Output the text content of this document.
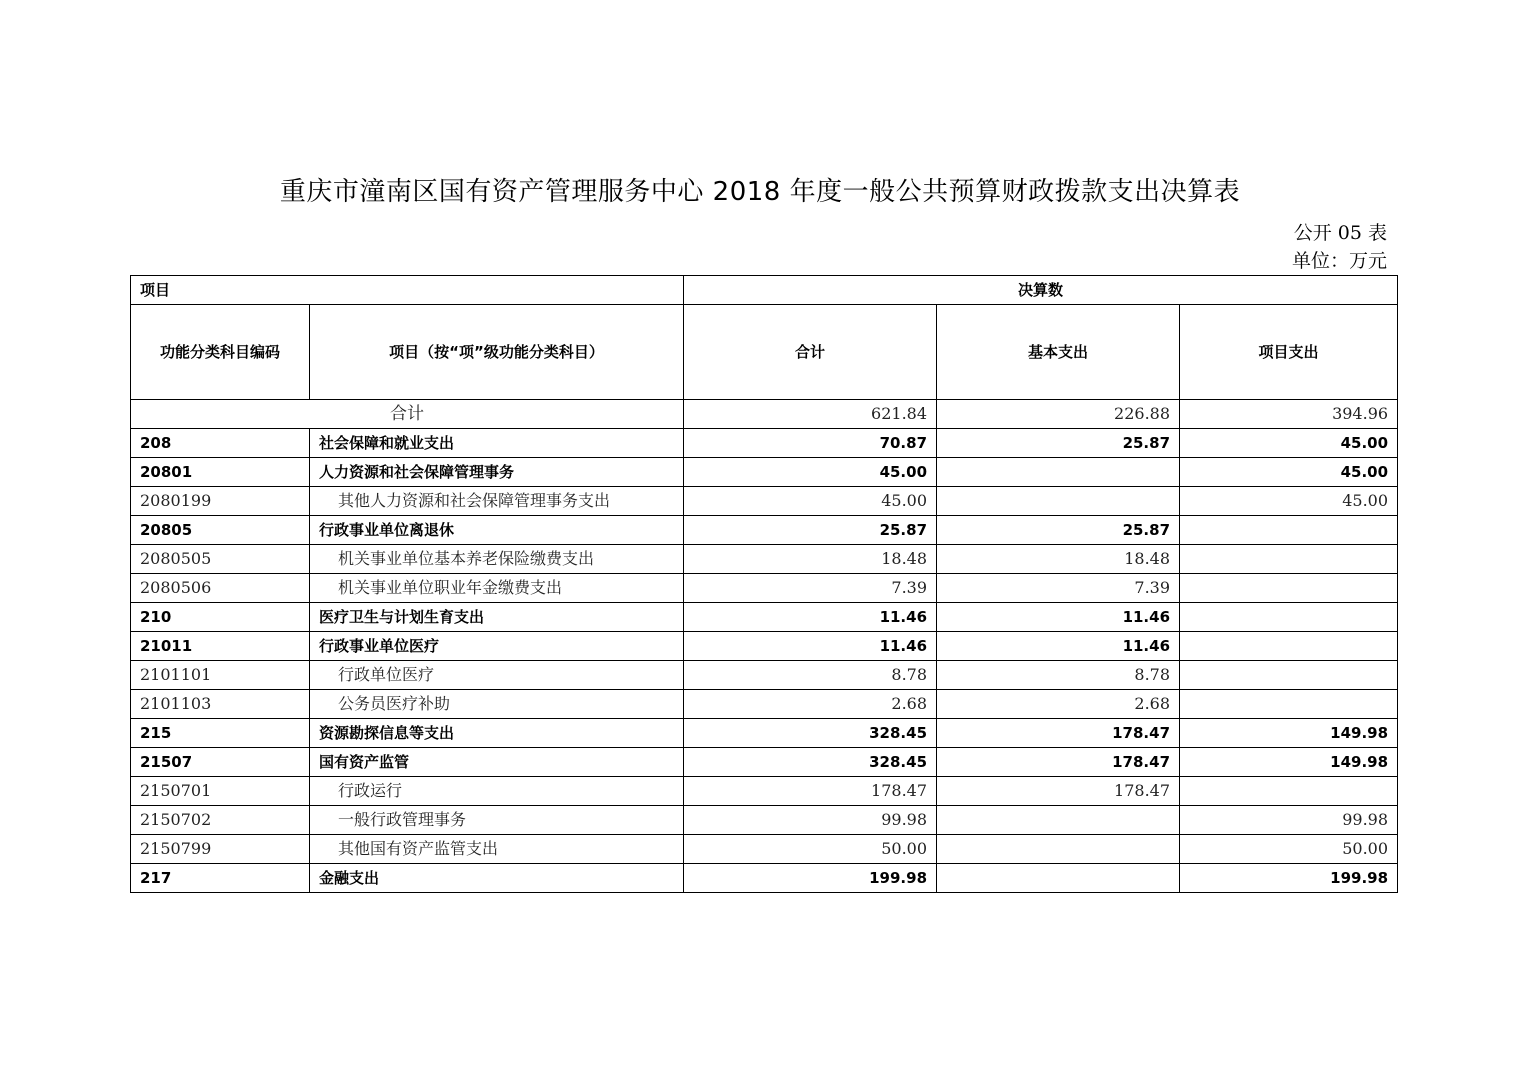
重庆市潼南区国有资产管理服务中心 2018 年度一般公共预算财政拨款支出决算表
公开 05 表
单位：万元
项目		决算数		
功能分类科目编码	项目（按“项”级功能分类科目）	合计	基本支出	项目支出
合计		621.84	226.88	394.96
208	社会保障和就业支出	70.87	25.87	45.00
20801	人力资源和社会保障管理事务	45.00		45.00
2080199	其他人力资源和社会保障管理事务支出	45.00		45.00
20805	行政事业单位离退休	25.87	25.87	
2080505	机关事业单位基本养老保险缴费支出	18.48	18.48	
2080506	机关事业单位职业年金缴费支出	7.39	7.39	
210	医疗卫生与计划生育支出	11.46	11.46	
21011	行政事业单位医疗	11.46	11.46	
2101101	行政单位医疗	8.78	8.78	
2101103	公务员医疗补助	2.68	2.68	
215	资源勘探信息等支出	328.45	178.47	149.98
21507	国有资产监管	328.45	178.47	149.98
2150701	行政运行	178.47	178.47	
2150702	一般行政管理事务	99.98		99.98
2150799	其他国有资产监管支出	50.00		50.00
217	金融支出	199.98		199.98
